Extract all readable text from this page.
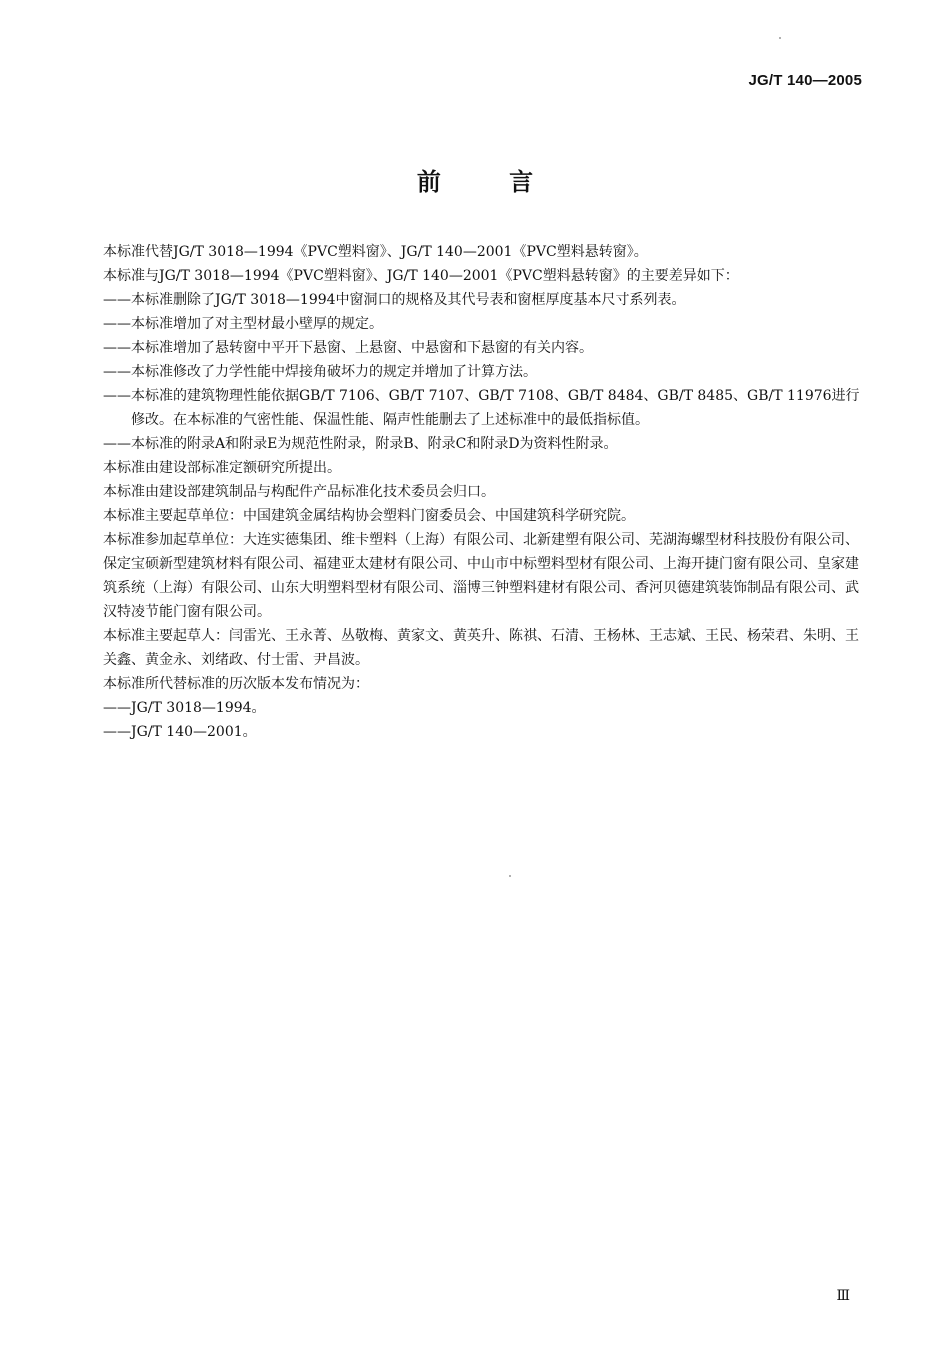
JG/T 140—2005
前 言

本标准代替JG/T 3018—1994《PVC塑料窗》、JG/T 140—2001《PVC塑料悬转窗》。

本标准与JG/T 3018—1994《PVC塑料窗》、JG/T 140—2001《PVC塑料悬转窗》的主要差异如下：

——本标准删除了JG/T 3018—1994中窗洞口的规格及其代号表和窗框厚度基本尺寸系列表。

——本标准增加了对主型材最小壁厚的规定。

——本标准增加了悬转窗中平开下悬窗、上悬窗、中悬窗和下悬窗的有关内容。

——本标准修改了力学性能中焊接角破坏力的规定并增加了计算方法。

——本标准的建筑物理性能依据GB/T 7106、GB/T 7107、GB/T 7108、GB/T 8484、GB/T 8485、GB/T 11976进行修改。在本标准的气密性能、保温性能、隔声性能删去了上述标准中的最低指标值。

——本标准的附录A和附录E为规范性附录，附录B、附录C和附录D为资料性附录。

本标准由建设部标准定额研究所提出。

本标准由建设部建筑制品与构配件产品标准化技术委员会归口。

本标准主要起草单位：中国建筑金属结构协会塑料门窗委员会、中国建筑科学研究院。

本标准参加起草单位：大连实德集团、维卡塑料（上海）有限公司、北新建塑有限公司、芜湖海螺型材科技股份有限公司、保定宝硕新型建筑材料有限公司、福建亚太建材有限公司、中山市中标塑料型材有限公司、上海开捷门窗有限公司、皇家建筑系统（上海）有限公司、山东大明塑料型材有限公司、淄博三钟塑料建材有限公司、香河贝德建筑装饰制品有限公司、武汉特凌节能门窗有限公司。

本标准主要起草人：闫雷光、王永菁、丛敬梅、黄家文、黄英升、陈祺、石清、王杨林、王志斌、王民、杨荣君、朱明、王关鑫、黄金永、刘绪政、付士雷、尹昌波。

本标准所代替标准的历次版本发布情况为：

——JG/T 3018—1994。

——JG/T 140—2001。

Ⅲ
